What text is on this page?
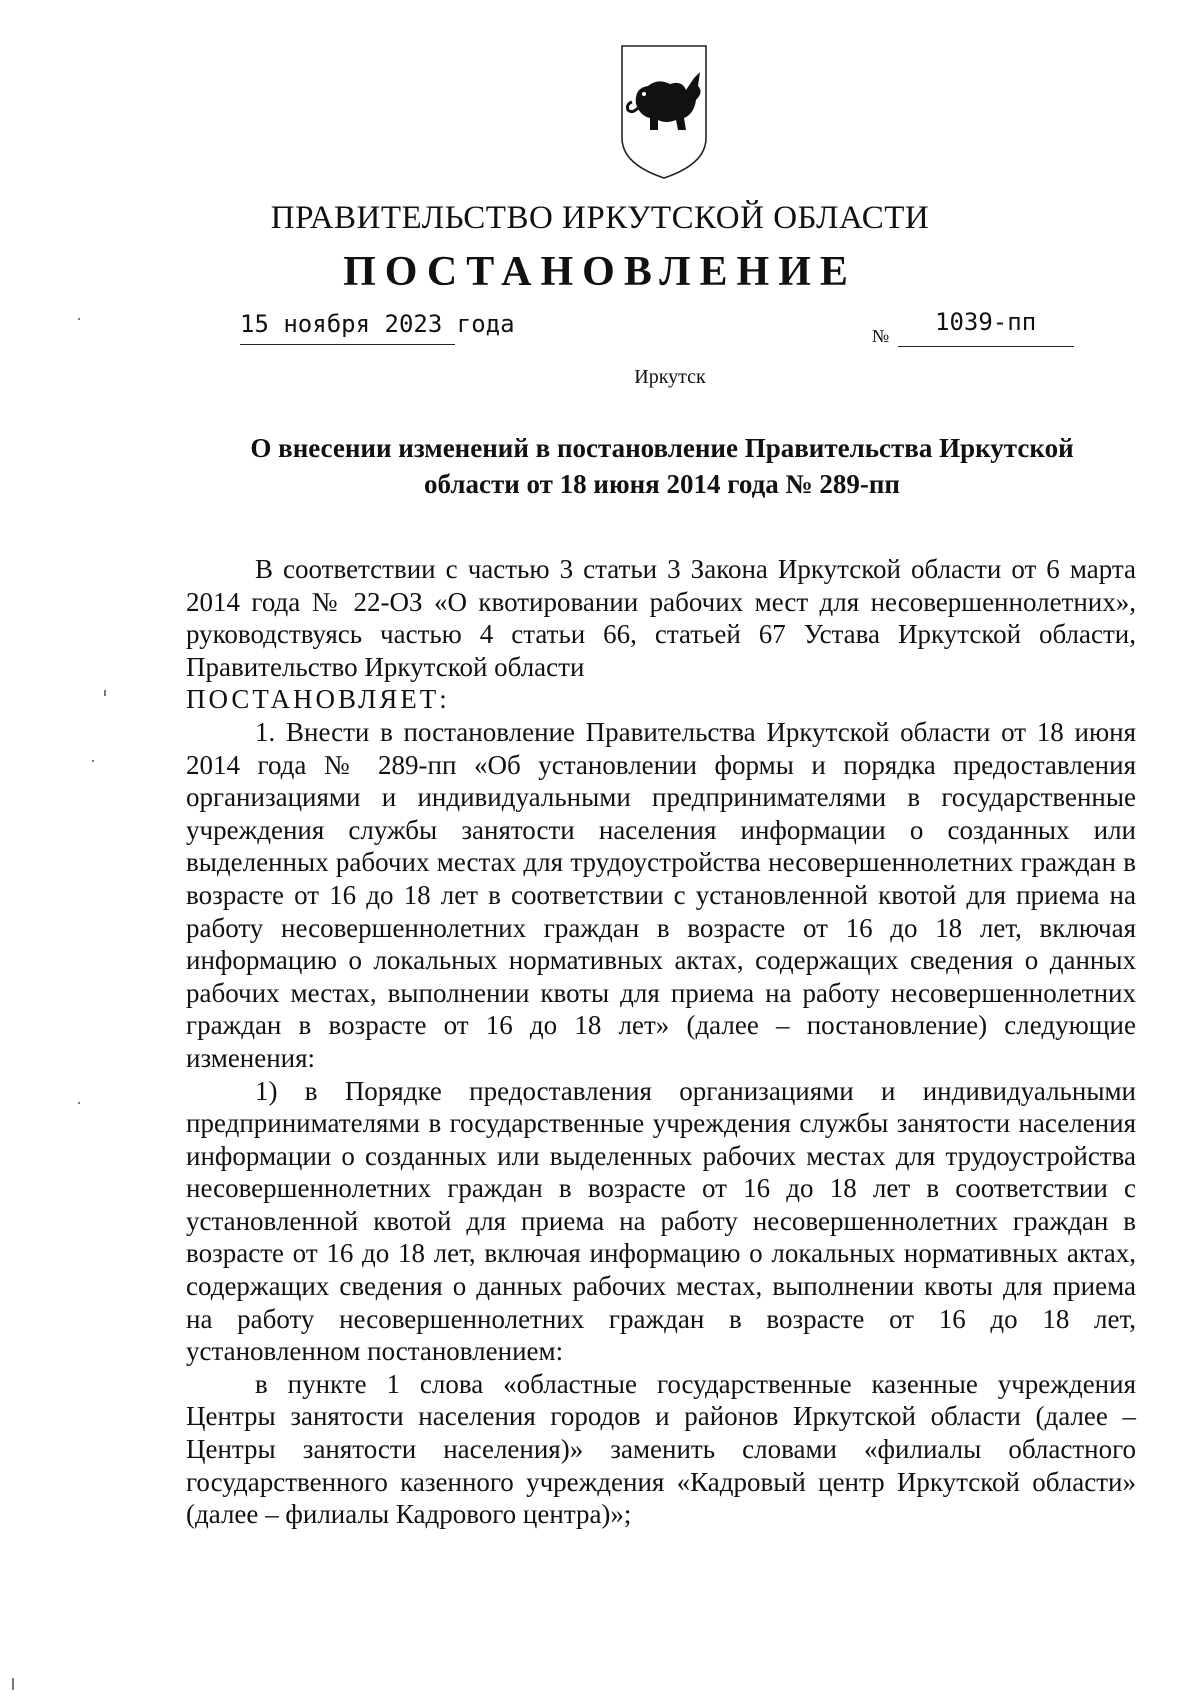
ПРАВИТЕЛЬСТВО ИРКУТСКОЙ ОБЛАСТИ
ПОСТАНОВЛЕНИЕ
15 ноября 2023 года	№ 1039-пп
Иркутск
О внесении изменений в постановление Правительства Иркутской
области от 18 июня 2014 года № 289-пп

В соответствии с частью 3 статьи 3 Закона Иркутской области от 6 марта 2014 года № 22-ОЗ «О квотировании рабочих мест для несовершеннолетних», руководствуясь частью 4 статьи 66, статьей 67 Устава Иркутской области, Правительство Иркутской области

ПОСТАНОВЛЯЕТ:

1. Внести в постановление Правительства Иркутской области от 18 июня 2014 года № 289-пп «Об установлении формы и порядка предоставления организациями и индивидуальными предпринимателями в государственные учреждения службы занятости населения информации о созданных или выделенных рабочих местах для трудоустройства несовершеннолетних граждан в возрасте от 16 до 18 лет в соответствии с установленной квотой для приема на работу несовершеннолетних граждан в возрасте от 16 до 18 лет, включая информацию о локальных нормативных актах, содержащих сведения о данных рабочих местах, выполнении квоты для приема на работу несовершеннолетних граждан в возрасте от 16 до 18 лет» (далее – постановление) следующие изменения:

1) в Порядке предоставления организациями и индивидуальными предпринимателями в государственные учреждения службы занятости населения информации о созданных или выделенных рабочих местах для трудоустройства несовершеннолетних граждан в возрасте от 16 до 18 лет в соответствии с установленной квотой для приема на работу несовершеннолетних граждан в возрасте от 16 до 18 лет, включая информацию о локальных нормативных актах, содержащих сведения о данных рабочих местах, выполнении квоты для приема на работу несовершеннолетних граждан в возрасте от 16 до 18 лет, установленном постановлением:

в пункте 1 слова «областные государственные казенные учреждения Центры занятости населения городов и районов Иркутской области (далее – Центры занятости населения)» заменить словами «филиалы областного государственного казенного учреждения «Кадровый центр Иркутской области» (далее – филиалы Кадрового центра)»;
